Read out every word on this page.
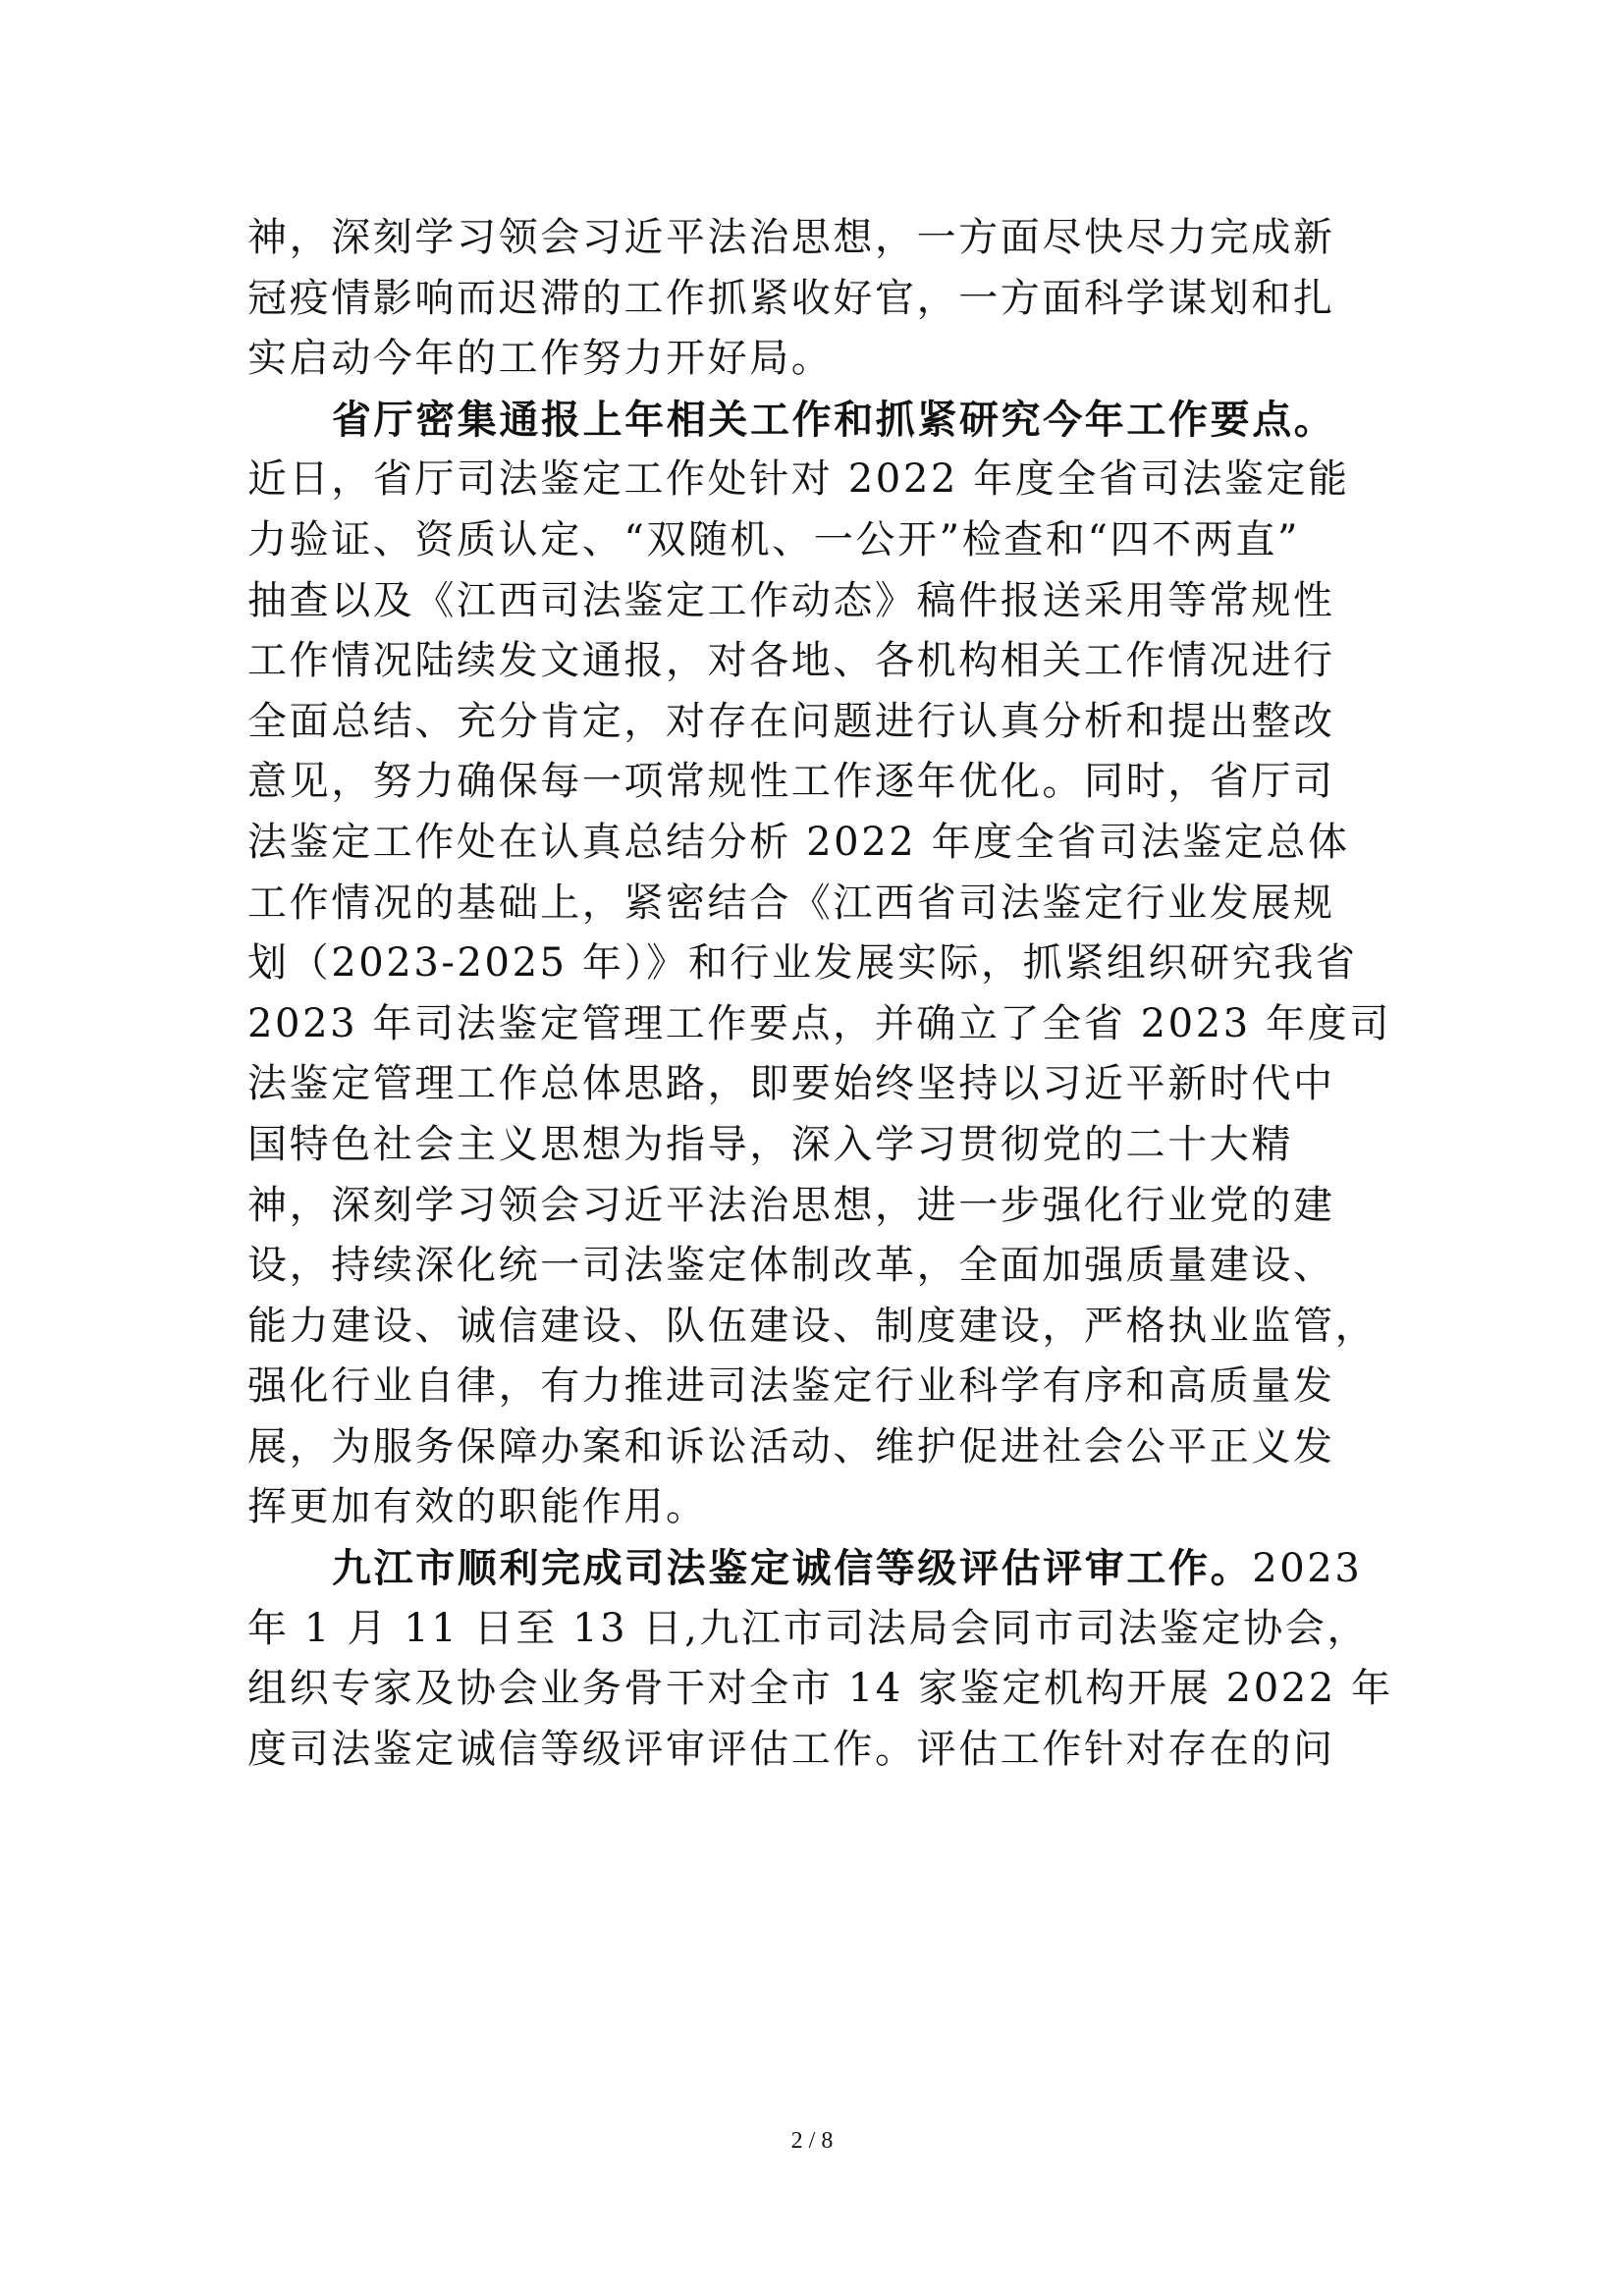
神，深刻学习领会习近平法治思想，一方面尽快尽力完成新
冠疫情影响而迟滞的工作抓紧收好官，一方面科学谋划和扎
实启动今年的工作努力开好局。
省厅密集通报上年相关工作和抓紧研究今年工作要点。
近日，省厅司法鉴定工作处针对 2022 年度全省司法鉴定能
力验证、资质认定、“双随机、一公开”检查和“四不两直”
抽查以及《江西司法鉴定工作动态》稿件报送采用等常规性
工作情况陆续发文通报，对各地、各机构相关工作情况进行
全面总结、充分肯定，对存在问题进行认真分析和提出整改
意见，努力确保每一项常规性工作逐年优化。同时，省厅司
法鉴定工作处在认真总结分析 2022 年度全省司法鉴定总体
工作情况的基础上，紧密结合《江西省司法鉴定行业发展规
划（2023-2025 年）》和行业发展实际，抓紧组织研究我省
2023 年司法鉴定管理工作要点，并确立了全省 2023 年度司
法鉴定管理工作总体思路，即要始终坚持以习近平新时代中
国特色社会主义思想为指导，深入学习贯彻党的二十大精
神，深刻学习领会习近平法治思想，进一步强化行业党的建
设，持续深化统一司法鉴定体制改革，全面加强质量建设、
能力建设、诚信建设、队伍建设、制度建设，严格执业监管，
强化行业自律，有力推进司法鉴定行业科学有序和高质量发
展，为服务保障办案和诉讼活动、维护促进社会公平正义发
挥更加有效的职能作用。
九江市顺利完成司法鉴定诚信等级评估评审工作。2023
年 1 月 11 日至 13 日,九江市司法局会同市司法鉴定协会，
组织专家及协会业务骨干对全市 14 家鉴定机构开展 2022 年
度司法鉴定诚信等级评审评估工作。评估工作针对存在的问
2 / 8
